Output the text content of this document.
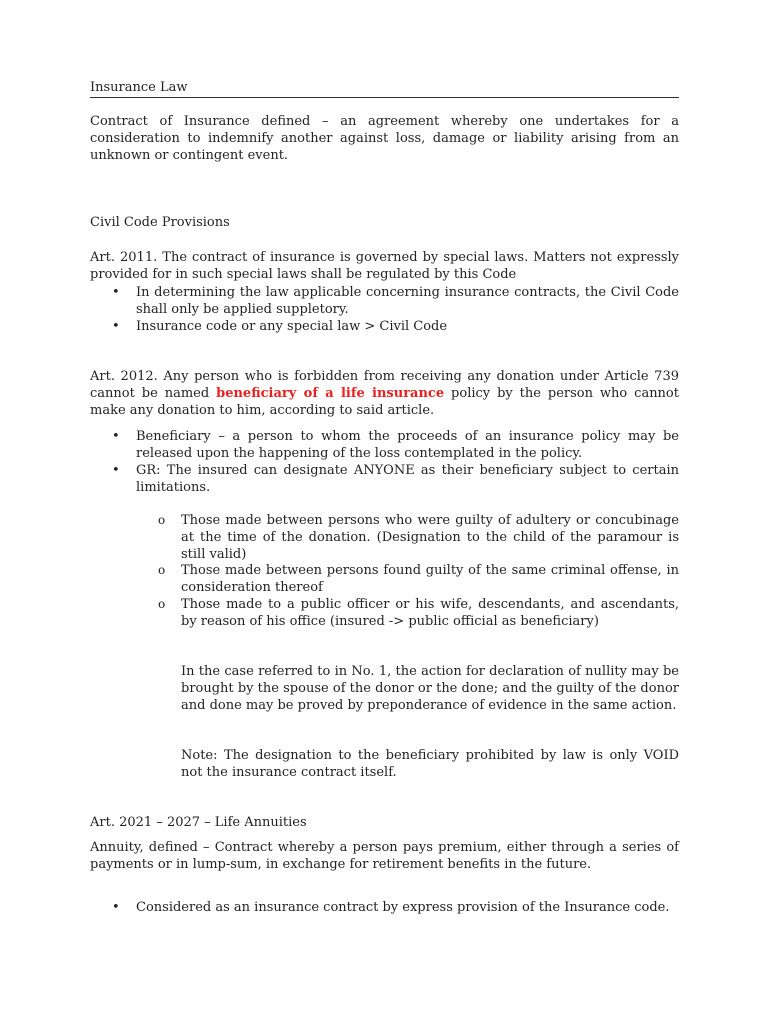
Insurance Law

Contract of Insurance defined – an agreement whereby one undertakes for a consideration to indemnify another against loss, damage or liability arising from an unknown or contingent event.

Civil Code Provisions

Art. 2011. The contract of insurance is governed by special laws. Matters not expressly provided for in such special laws shall be regulated by this Code

• In determining the law applicable concerning insurance contracts, the Civil Code shall only be applied suppletory.

• Insurance code or any special law > Civil Code

Art. 2012. Any person who is forbidden from receiving any donation under Article 739 cannot be named beneficiary of a life insurance policy by the person who cannot make any donation to him, according to said article.

• Beneficiary – a person to whom the proceeds of an insurance policy may be released upon the happening of the loss contemplated in the policy.

• GR: The insured can designate ANYONE as their beneficiary subject to certain limitations.

o Those made between persons who were guilty of adultery or concubinage at the time of the donation. (Designation to the child of the paramour is still valid)

o Those made between persons found guilty of the same criminal offense, in consideration thereof

o Those made to a public officer or his wife, descendants, and ascendants, by reason of his office (insured -> public official as beneficiary)

In the case referred to in No. 1, the action for declaration of nullity may be brought by the spouse of the donor or the done; and the guilty of the donor and done may be proved by preponderance of evidence in the same action.

Note: The designation to the beneficiary prohibited by law is only VOID not the insurance contract itself.

Art. 2021 – 2027 – Life Annuities

Annuity, defined – Contract whereby a person pays premium, either through a series of payments or in lump-sum, in exchange for retirement benefits in the future.

• Considered as an insurance contract by express provision of the Insurance code.
